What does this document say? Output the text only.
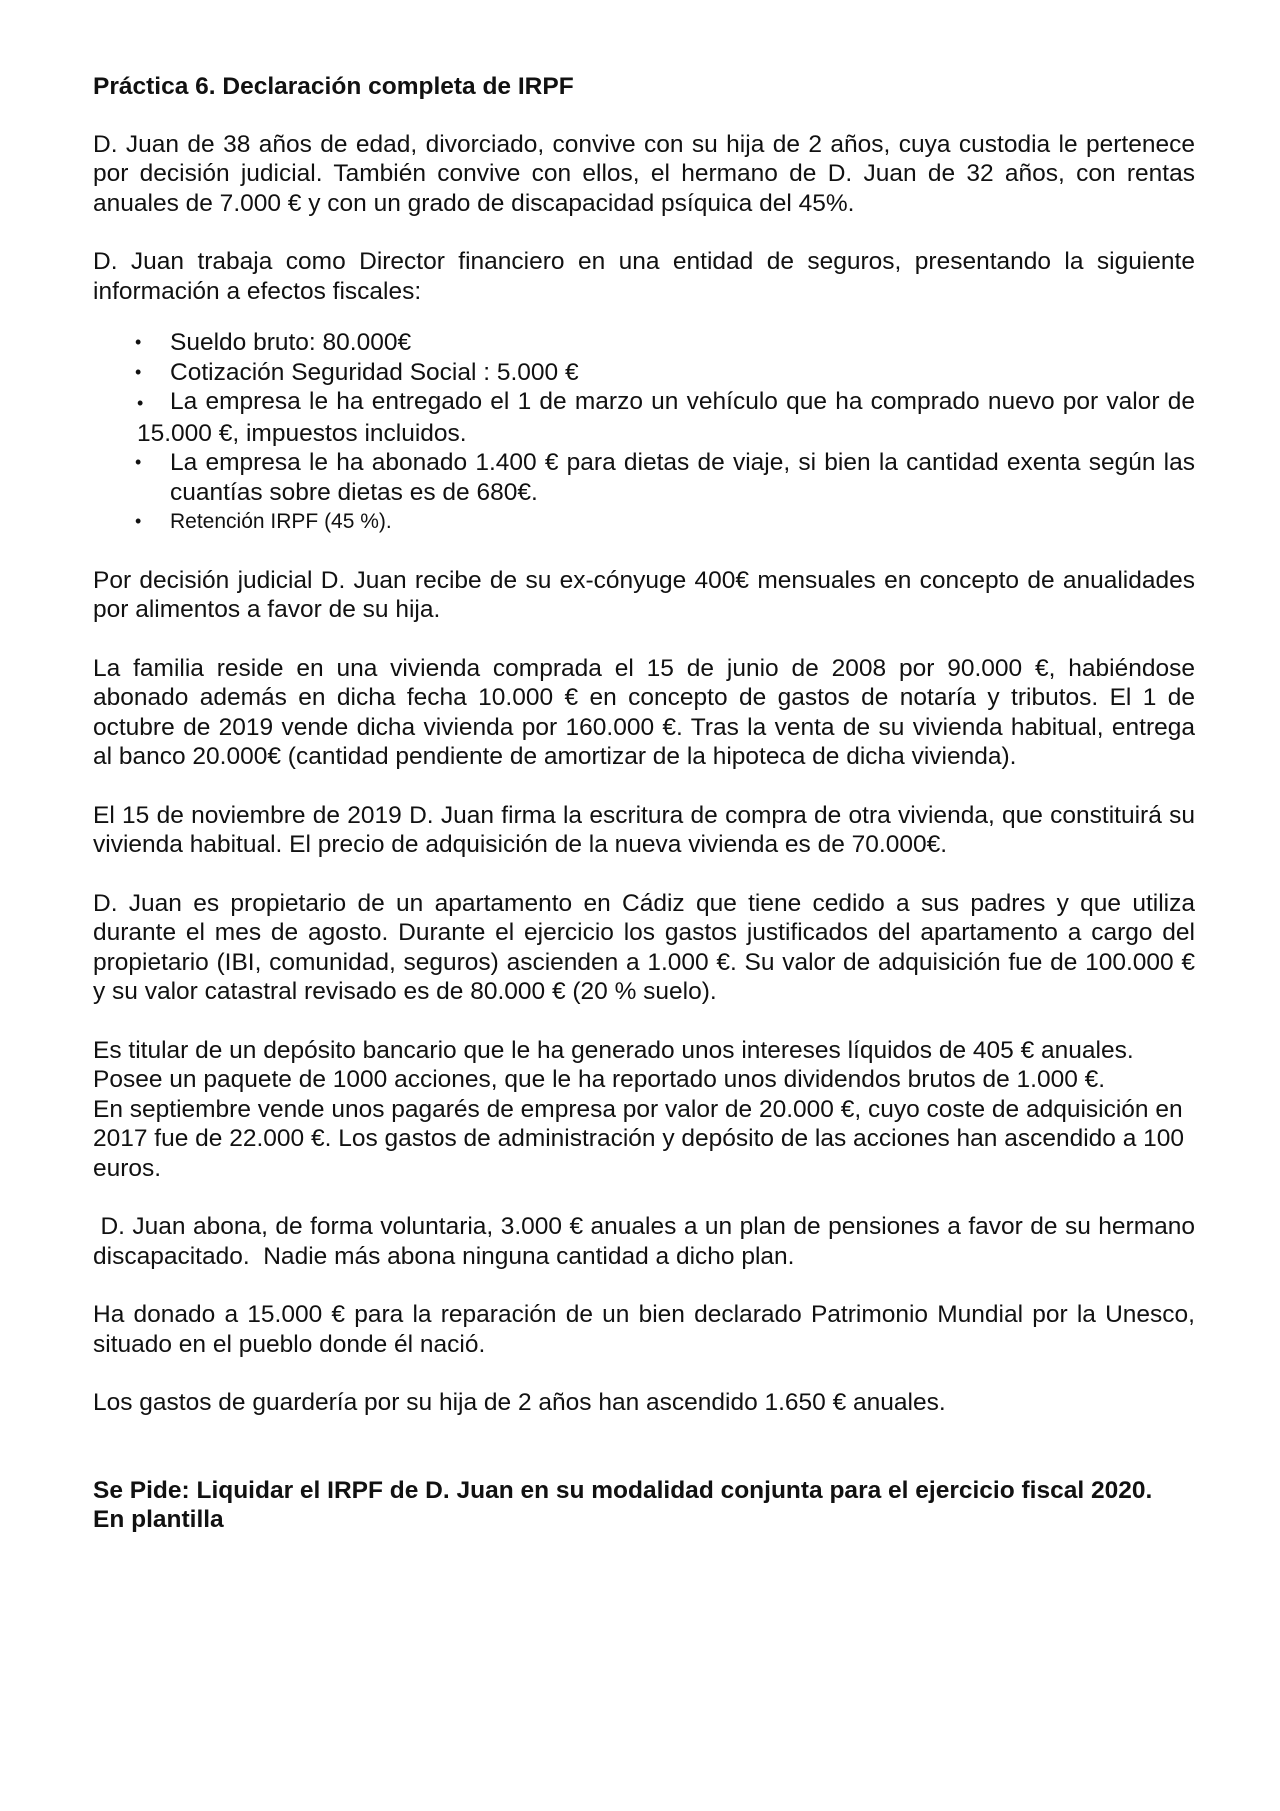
Práctica 6. Declaración completa de IRPF

D. Juan de 38 años de edad, divorciado, convive con su hija de 2 años, cuya custodia le pertenece por decisión judicial. También convive con ellos, el hermano de D. Juan de 32 años, con rentas anuales de 7.000 € y con un grado de discapacidad psíquica del 45%.

D. Juan trabaja como Director financiero en una entidad de seguros, presentando la siguiente información a efectos fiscales:

• Sueldo bruto: 80.000€
• Cotización Seguridad Social : 5.000 €
• La empresa le ha entregado el 1 de marzo un vehículo que ha comprado nuevo por valor de 15.000 €, impuestos incluidos.
• La empresa le ha abonado 1.400 € para dietas de viaje, si bien la cantidad exenta según las cuantías sobre dietas es de 680€.
• Retención IRPF (45 %).

Por decisión judicial D. Juan recibe de su ex-cónyuge 400€ mensuales en concepto de anualidades por alimentos a favor de su hija.

La familia reside en una vivienda comprada el 15 de junio de 2008 por 90.000 €, habiéndose abonado además en dicha fecha 10.000 € en concepto de gastos de notaría y tributos. El 1 de octubre de 2019 vende dicha vivienda por 160.000 €. Tras la venta de su vivienda habitual, entrega al banco 20.000€ (cantidad pendiente de amortizar de la hipoteca de dicha vivienda).

El 15 de noviembre de 2019 D. Juan firma la escritura de compra de otra vivienda, que constituirá su vivienda habitual. El precio de adquisición de la nueva vivienda es de 70.000€.

D. Juan es propietario de un apartamento en Cádiz que tiene cedido a sus padres y que utiliza durante el mes de agosto. Durante el ejercicio los gastos justificados del apartamento a cargo del propietario (IBI, comunidad, seguros) ascienden a 1.000 €. Su valor de adquisición fue de 100.000 € y su valor catastral revisado es de 80.000 € (20 % suelo).

Es titular de un depósito bancario que le ha generado unos intereses líquidos de 405 € anuales.
Posee un paquete de 1000 acciones, que le ha reportado unos dividendos brutos de 1.000 €.
En septiembre vende unos pagarés de empresa por valor de 20.000 €, cuyo coste de adquisición en 2017 fue de 22.000 €. Los gastos de administración y depósito de las acciones han ascendido a 100 euros.

D. Juan abona, de forma voluntaria, 3.000 € anuales a un plan de pensiones a favor de su hermano discapacitado.  Nadie más abona ninguna cantidad a dicho plan.

Ha donado a 15.000 € para la reparación de un bien declarado Patrimonio Mundial por la Unesco, situado en el pueblo donde él nació.

Los gastos de guardería por su hija de 2 años han ascendido 1.650 € anuales.

Se Pide: Liquidar el IRPF de D. Juan en su modalidad conjunta para el ejercicio fiscal 2020.
En plantilla
